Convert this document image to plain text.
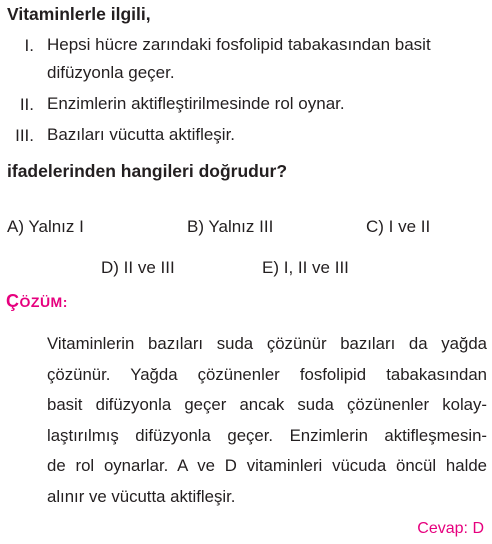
Vitaminlerle ilgili,
I. Hepsi hücre zarındaki fosfolipid tabakasından basit
difüzyonla geçer.
II. Enzimlerin aktifleştirilmesinde rol oynar.
III. Bazıları vücutta aktifleşir.
ifadelerinden hangileri doğrudur?
A) Yalnız I	B) Yalnız III	C) I ve II
D) II ve III	E) I, II ve III
ÇÖZÜM:
Vitaminlerin bazıları suda çözünür bazıları da yağda
çözünür. Yağda çözünenler fosfolipid tabakasından
basit difüzyonla geçer ancak suda çözünenler kolay-
laştırılmış difüzyonla geçer. Enzimlerin aktifleşmesin-
de rol oynarlar. A ve D vitaminleri vücuda öncül halde
alınır ve vücutta aktifleşir.
Cevap: D
